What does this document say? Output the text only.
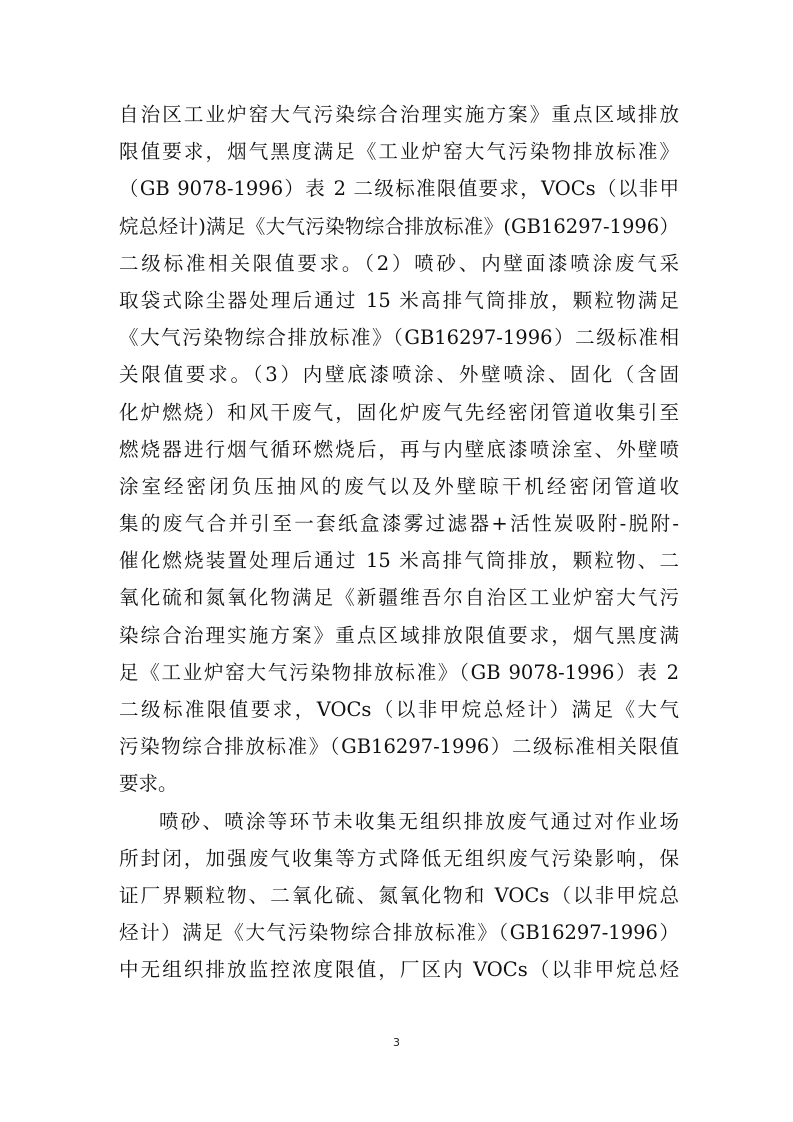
自治区工业炉窑大气污染综合治理实施方案》重点区域排放
限值要求，烟气黑度满足《工业炉窑大气污染物排放标准》
（GB 9078-1996）表 2 二级标准限值要求，VOCs（以非甲
烷总烃计)满足《大气污染物综合排放标准》(GB16297-1996）
二级标准相关限值要求。（2）喷砂、内壁面漆喷涂废气采
取袋式除尘器处理后通过 15 米高排气筒排放，颗粒物满足
《大气污染物综合排放标准》（GB16297-1996）二级标准相
关限值要求。（3）内壁底漆喷涂、外壁喷涂、固化（含固
化炉燃烧）和风干废气，固化炉废气先经密闭管道收集引至
燃烧器进行烟气循环燃烧后，再与内壁底漆喷涂室、外壁喷
涂室经密闭负压抽风的废气以及外壁晾干机经密闭管道收
集的废气合并引至一套纸盒漆雾过滤器+活性炭吸附-脱附-
催化燃烧装置处理后通过 15 米高排气筒排放，颗粒物、二
氧化硫和氮氧化物满足《新疆维吾尔自治区工业炉窑大气污
染综合治理实施方案》重点区域排放限值要求，烟气黑度满
足《工业炉窑大气污染物排放标准》（GB 9078-1996）表 2
二级标准限值要求，VOCs（以非甲烷总烃计）满足《大气
污染物综合排放标准》（GB16297-1996）二级标准相关限值
要求。
喷砂、喷涂等环节未收集无组织排放废气通过对作业场
所封闭，加强废气收集等方式降低无组织废气污染影响，保
证厂界颗粒物、二氧化硫、氮氧化物和 VOCs（以非甲烷总
烃计）满足《大气污染物综合排放标准》（GB16297-1996）
中无组织排放监控浓度限值，厂区内 VOCs（以非甲烷总烃
3
